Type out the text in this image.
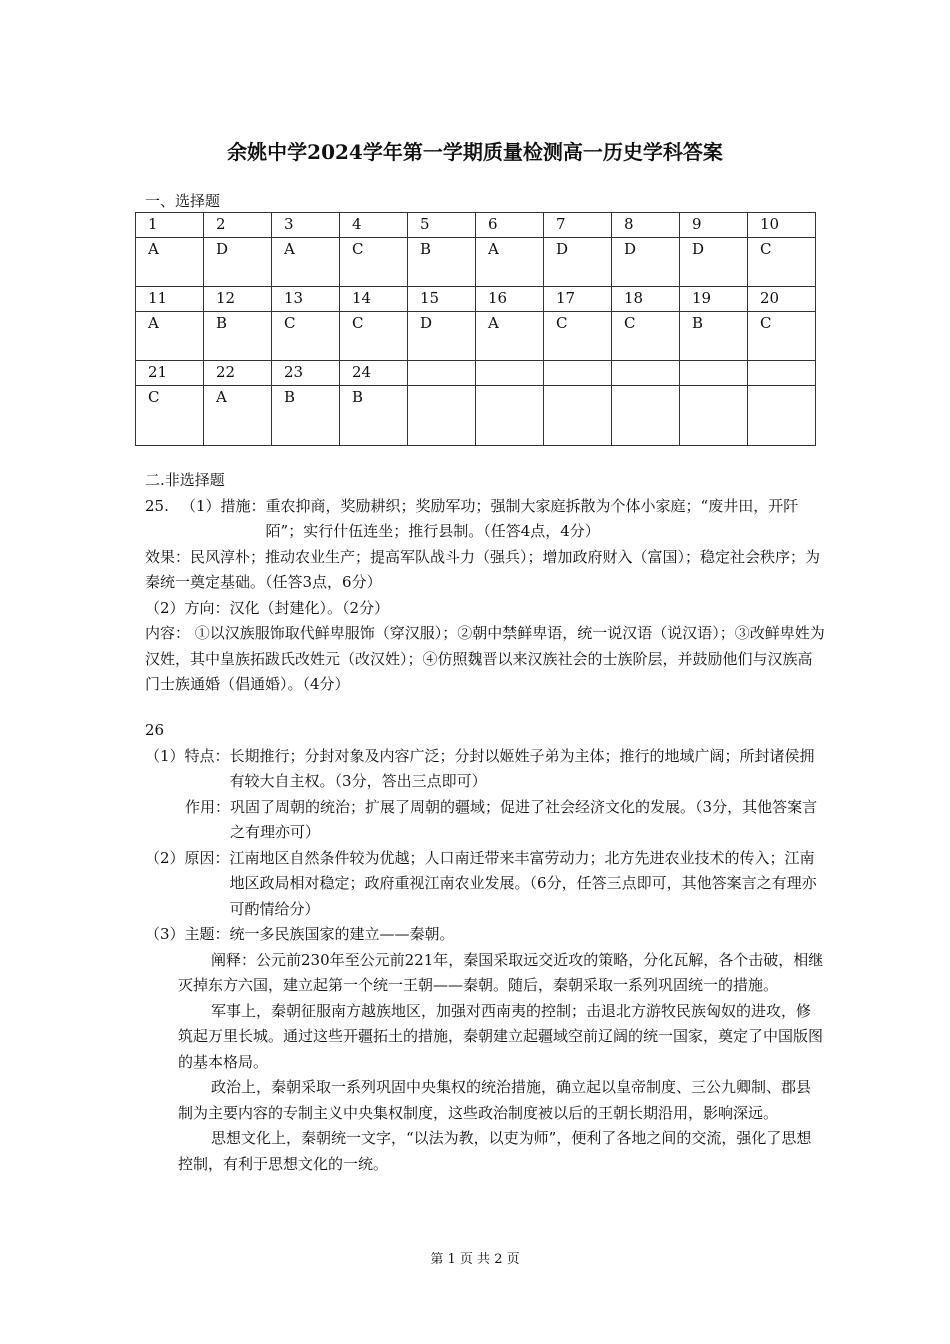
余姚中学2024学年第一学期质量检测高一历史学科答案
一、选择题
1	2	3	4	5	6	7	8	9	10
A	D	A	C	B	A	D	D	D	C
11	12	13	14	15	16	17	18	19	20
A	B	C	C	D	A	C	C	B	C
21	22	23	24						
C	A	B	B						

二.非选择题

25. （1）措施： 重农抑商，奖励耕织；奖励军功；强制大家庭拆散为个体小家庭；“废井田，开阡陌”；实行什伍连坐；推行县制。（任答4点，4分）

效果：民风淳朴；推动农业生产；提高军队战斗力（强兵）；增加政府财入（富国）；稳定社会秩序；为秦统一奠定基础。（任答3点，6分）

（2）方向：汉化（封建化）。（2分）

内容： ①以汉族服饰取代鲜卑服饰（穿汉服）；②朝中禁鲜卑语，统一说汉语（说汉语）；③改鲜卑姓为汉姓，其中皇族拓跋氏改姓元（改汉姓）；④仿照魏晋以来汉族社会的士族阶层，并鼓励他们与汉族高门士族通婚（倡通婚）。（4分）

26

（1）特点： 长期推行；分封对象及内容广泛；分封以姬姓子弟为主体；推行的地域广阔；所封诸侯拥有较大自主权。（3分，答出三点即可）
作用： 巩固了周朝的统治；扩展了周朝的疆域；促进了社会经济文化的发展。（3分，其他答案言之有理亦可）
（2）原因： 江南地区自然条件较为优越；人口南迁带来丰富劳动力；北方先进农业技术的传入；江南地区政局相对稳定；政府重视江南农业发展。（6分，任答三点即可，其他答案言之有理亦可酌情给分）

（3）主题：统一多民族国家的建立——秦朝。

阐释：公元前230年至公元前221年，秦国采取远交近攻的策略，分化瓦解，各个击破，相继灭掉东方六国，建立起第一个统一王朝——秦朝。随后，秦朝采取一系列巩固统一的措施。

军事上，秦朝征服南方越族地区，加强对西南夷的控制；击退北方游牧民族匈奴的进攻，修筑起万里长城。通过这些开疆拓土的措施，秦朝建立起疆域空前辽阔的统一国家，奠定了中国版图的基本格局。

政治上，秦朝采取一系列巩固中央集权的统治措施，确立起以皇帝制度、三公九卿制、郡县制为主要内容的专制主义中央集权制度，这些政治制度被以后的王朝长期沿用，影响深远。

思想文化上，秦朝统一文字，“以法为教，以吏为师”，便利了各地之间的交流，强化了思想控制，有利于思想文化的一统。

第 1 页 共 2 页
